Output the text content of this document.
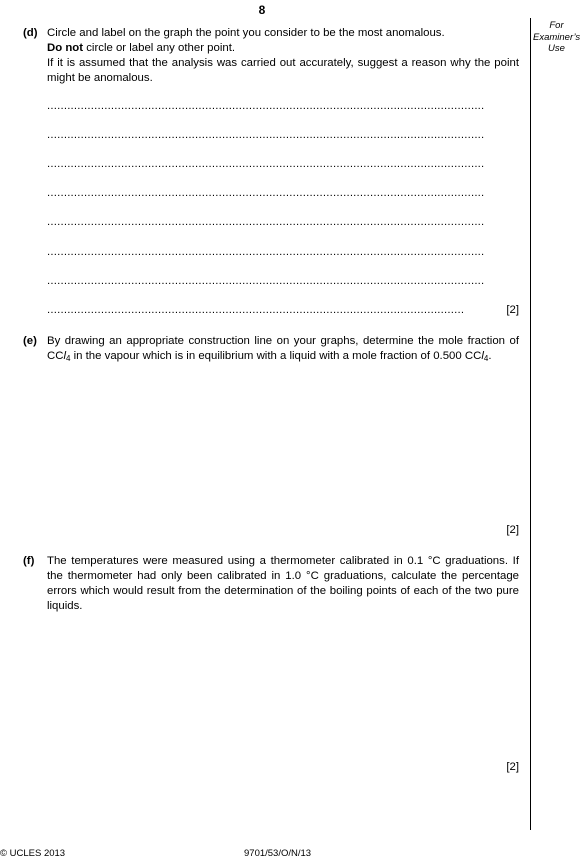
8
For
Examiner’s
Use
(d) Circle and label on the graph the point you consider to be the most anomalous.
Do not circle or label any other point.
If it is assumed that the analysis was carried out accurately, suggest a reason why the point might be anomalous.
..................................................................................................................................
..................................................................................................................................
..................................................................................................................................
..................................................................................................................................
..................................................................................................................................
..................................................................................................................................
..................................................................................................................................
............................................................................................................................	[2]
(e) By drawing an appropriate construction line on your graphs, determine the mole fraction of CCl$_4$ in the vapour which is in equilibrium with a liquid with a mole fraction of 0.500 CCl$_4$.
[2]
(f) The temperatures were measured using a thermometer calibrated in 0.1 °C graduations. If the thermometer had only been calibrated in 1.0 °C graduations, calculate the percentage errors which would result from the determination of the boiling points of each of the two pure liquids.
[2]
© UCLES 2013	9701/53/O/N/13
